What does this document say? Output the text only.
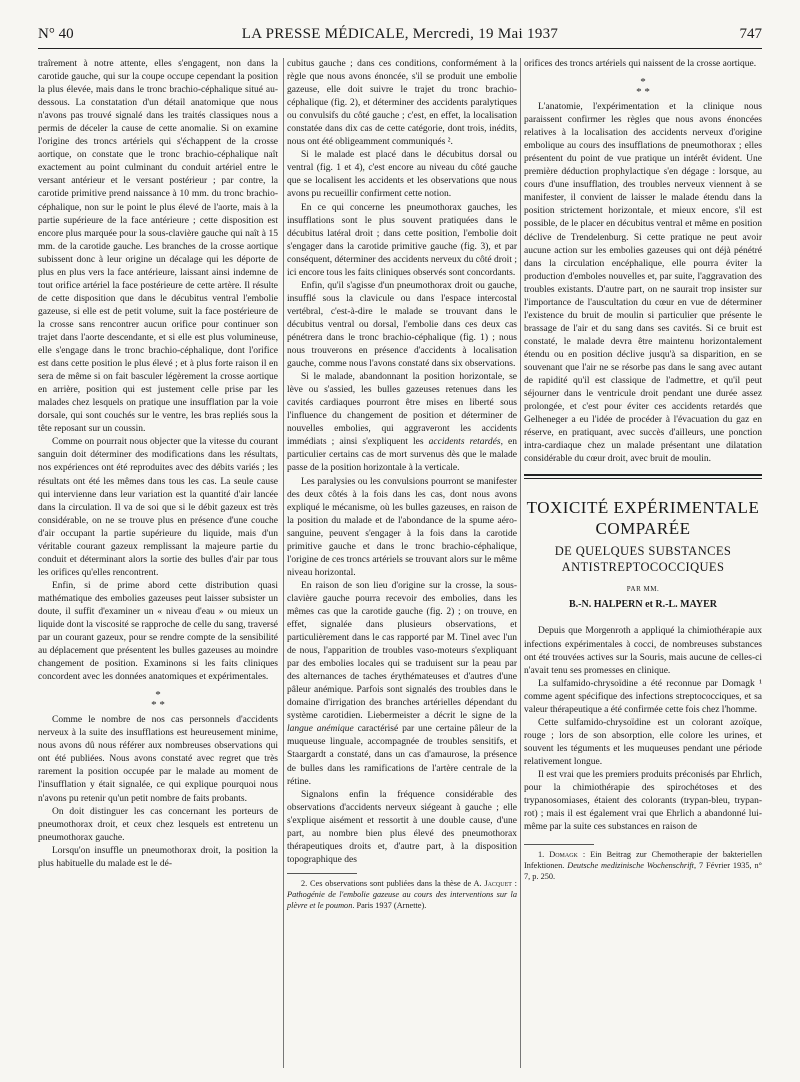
N° 40	LA PRESSE MÉDICALE, Mercredi, 19 Mai 1937	747

traîrement à notre attente, elles s'engagent, non dans la carotide gauche, qui sur la coupe occupe cependant la position la plus élevée, mais dans le tronc brachio-céphalique situé au-dessous. La constatation d'un détail anatomique que nous n'avons pas trouvé signalé dans les traités classiques nous a permis de déceler la cause de cette anomalie. Si on examine l'origine des troncs artériels qui s'échappent de la crosse aortique, on constate que le tronc brachio-céphalique naît exactement au point culminant du conduit artériel entre le versant antérieur et le versant postérieur ; par contre, la carotide primitive prend naissance à 10 mm. du tronc brachio-céphalique, non sur le point le plus élevé de l'aorte, mais à la partie supérieure de la face antérieure ; cette disposition est encore plus marquée pour la sous-clavière gauche qui naît à 15 mm. de la carotide gauche. Les branches de la crosse aortique subissent donc à leur origine un décalage qui les déporte de plus en plus vers la face antérieure, laissant ainsi indemne de tout orifice artériel la face postérieure de cette artère. Il résulte de cette disposition que dans le décubitus ventral l'embolie gazeuse, si elle est de petit volume, suit la face postérieure de la crosse sans rencontrer aucun orifice pour continuer son trajet dans l'aorte descendante, et si elle est plus volumineuse, elle s'engage dans le tronc brachio-céphalique, dont l'orifice est dans cette position le plus élevé ; et à plus forte raison il en sera de même si on fait basculer légèrement la crosse aortique en arrière, position qui est justement celle prise par les malades chez lesquels on pratique une insufflation par la voie dorsale, qui sont couchés sur le ventre, les bras repliés sous la tête reposant sur un coussin.

Comme on pourrait nous objecter que la vitesse du courant sanguin doit déterminer des modifications dans les résultats, nos expériences ont été reproduites avec des débits variés ; les résultats ont été les mêmes dans tous les cas. La seule cause qui intervienne dans leur variation est la quantité d'air lancée dans la circulation. Il va de soi que si le débit gazeux est très considérable, on ne se trouve plus en présence d'une couche d'air occupant la partie supérieure du liquide, mais d'un véritable courant gazeux remplissant la majeure partie du conduit et déterminant alors la sortie des bulles d'air par tous les orifices qu'elles rencontrent.

Enfin, si de prime abord cette distribution quasi mathématique des embolies gazeuses peut laisser subsister un doute, il suffit d'examiner un « niveau d'eau » ou mieux un liquide dont la viscosité se rapproche de celle du sang, traversé par un courant gazeux, pour se rendre compte de la sensibilité au déplacement que présentent les bulles gazeuses au moindre changement de position. Examinons si les faits cliniques concordent avec les données anatomiques et expérimentales.

*
* *

Comme le nombre de nos cas personnels d'accidents nerveux à la suite des insufflations est heureusement minime, nous avons dû nous référer aux nombreuses observations qui ont été publiées. Nous avons constaté avec regret que très rarement la position occupée par le malade au moment de l'insufflation y était signalée, ce qui explique pourquoi nous n'avons pu retenir qu'un petit nombre de faits probants.

On doit distinguer les cas concernant les porteurs de pneumothorax droit, et ceux chez lesquels est entretenu un pneumothorax gauche.

Lorsqu'on insuffle un pneumothorax droit, la position la plus habituelle du malade est le dé-

cubitus gauche ; dans ces conditions, conformément à la règle que nous avons énoncée, s'il se produit une embolie gazeuse, elle doit suivre le trajet du tronc brachio-céphalique (fig. 2), et déterminer des accidents paralytiques ou convulsifs du côté gauche ; c'est, en effet, la localisation constatée dans dix cas de cette catégorie, dont trois, inédits, nous ont été obligeamment communiqués ².

Si le malade est placé dans le décubitus dorsal ou ventral (fig. 1 et 4), c'est encore au niveau du côté gauche que se localisent les accidents et les observations que nous avons pu recueillir confirment cette notion.

En ce qui concerne les pneumothorax gauches, les insufflations sont le plus souvent pratiquées dans le décubitus latéral droit ; dans cette position, l'embolie doit s'engager dans la carotide primitive gauche (fig. 3), et par conséquent, déterminer des accidents nerveux du côté droit ; ici encore tous les faits cliniques observés sont concordants.

Enfin, qu'il s'agisse d'un pneumothorax droit ou gauche, insufflé sous la clavicule ou dans l'espace intercostal vertébral, c'est-à-dire le malade se trouvant dans le décubitus ventral ou dorsal, l'embolie dans ces deux cas pénétrera dans le tronc brachio-céphalique (fig. 1) ; nous nous trouverons en présence d'accidents à localisation gauche, comme nous l'avons constaté dans six observations.

Si le malade, abandonnant la position horizontale, se lève ou s'assied, les bulles gazeuses retenues dans les cavités cardiaques pourront être mises en liberté sous l'influence du changement de position et déterminer de nouvelles embolies, qui aggraveront les accidents immédiats ; ainsi s'expliquent les accidents retardés, en particulier certains cas de mort survenus dès que le malade passe de la position horizontale à la verticale.

Les paralysies ou les convulsions pourront se manifester des deux côtés à la fois dans les cas, dont nous avons expliqué le mécanisme, où les bulles gazeuses, en raison de la position du malade et de l'abondance de la spume aéro-sanguine, peuvent s'engager à la fois dans la carotide primitive gauche et dans le tronc brachio-céphalique, l'origine de ces troncs artériels se trouvant alors sur le même niveau horizontal.

En raison de son lieu d'origine sur la crosse, la sous-clavière gauche pourra recevoir des embolies, dans les mêmes cas que la carotide gauche (fig. 2) ; on trouve, en effet, signalée dans plusieurs observations, et particulièrement dans le cas rapporté par M. Tinel avec l'un de nous, l'apparition de troubles vaso-moteurs s'expliquant par des embolies locales qui se traduisent sur la peau par des alternances de taches érythémateuses et d'autres d'une pâleur anémique. Parfois sont signalés des troubles dans le domaine d'irrigation des branches artérielles dépendant du système carotidien. Liebermeister a décrit le signe de la langue anémique caractérisé par une certaine pâleur de la muqueuse linguale, accompagnée de troubles sensitifs, et Staargardt a constaté, dans un cas d'amaurose, la présence de bulles dans les ramifications de l'artère centrale de la rétine.

Signalons enfin la fréquence considérable des observations d'accidents nerveux siégeant à gauche ; elle s'explique aisément et ressortit à une double cause, d'une part, au nombre bien plus élevé des pneumothorax thérapeutiques droits et, d'autre part, à la disposition topographique des

2. Ces observations sont publiées dans la thèse de A. Jacquet : Pathogénie de l'embolie gazeuse au cours des interventions sur la plèvre et le poumon. Paris 1937 (Arnette).

orifices des troncs artériels qui naissent de la crosse aortique.

*
* *

L'anatomie, l'expérimentation et la clinique nous paraissent confirmer les règles que nous avons énoncées relatives à la localisation des accidents nerveux d'origine embolique au cours des insufflations de pneumothorax ; elles présentent du point de vue pratique un intérêt évident. Une première déduction prophylactique s'en dégage : lorsque, au cours d'une insufflation, des troubles nerveux viennent à se manifester, il convient de laisser le malade étendu dans la position strictement horizontale, et mieux encore, s'il est possible, de le placer en décubitus ventral et même en position déclive de Trendelenburg. Si cette pratique ne peut avoir aucune action sur les embolies gazeuses qui ont déjà pénétré dans la circulation encéphalique, elle pourra éviter la production d'emboles nouvelles et, par suite, l'aggravation des troubles existants. D'autre part, on ne saurait trop insister sur l'importance de l'auscultation du cœur en vue de déterminer l'existence du bruit de moulin si particulier que présente le brassage de l'air et du sang dans ses cavités. Si ce bruit est constaté, le malade devra être maintenu horizontalement étendu ou en position déclive jusqu'à sa disparition, en se souvenant que l'air ne se résorbe pas dans le sang avec autant de rapidité qu'il est classique de l'admettre, et qu'il peut séjourner dans le ventricule droit pendant une durée assez prolongée, et c'est pour éviter ces accidents retardés que Gelheneger a eu l'idée de procéder à l'évacuation du gaz en réserve, en pratiquant, avec succès d'ailleurs, une ponction intra-cardiaque chez un malade présentant une dilatation considérable du cœur droit, avec bruit de moulin.

TOXICITÉ EXPÉRIMENTALE COMPARÉE
DE QUELQUES SUBSTANCES ANTISTREPTOCOCCIQUES
PAR MM.
B.-N. HALPERN et R.-L. MAYER

Depuis que Morgenroth a appliqué la chimiothérapie aux infections expérimentales à cocci, de nombreuses substances ont été trouvées actives sur la Souris, mais aucune de celles-ci n'avait tenu ses promesses en clinique.

La sulfamido-chrysoïdine a été reconnue par Domagk ¹ comme agent spécifique des infections streptococciques, et sa valeur thérapeutique a été confirmée cette fois chez l'homme.

Cette sulfamido-chrysoïdine est un colorant azoïque, rouge ; lors de son absorption, elle colore les urines, et souvent les téguments et les muqueuses pendant une période relativement longue.

Il est vrai que les premiers produits préconisés par Ehrlich, pour la chimiothérapie des spirochétoses et des trypanosomiases, étaient des colorants (trypan-bleu, trypan-rot) ; mais il est également vrai que Ehrlich a abandonné lui-même par la suite ces substances en raison de

1. Domagk : Ein Beitrag zur Chemotherapie der bakteriellen Infektionen. Deutsche medizinische Wochenschrift, 7 Février 1935, n° 7, p. 250.
